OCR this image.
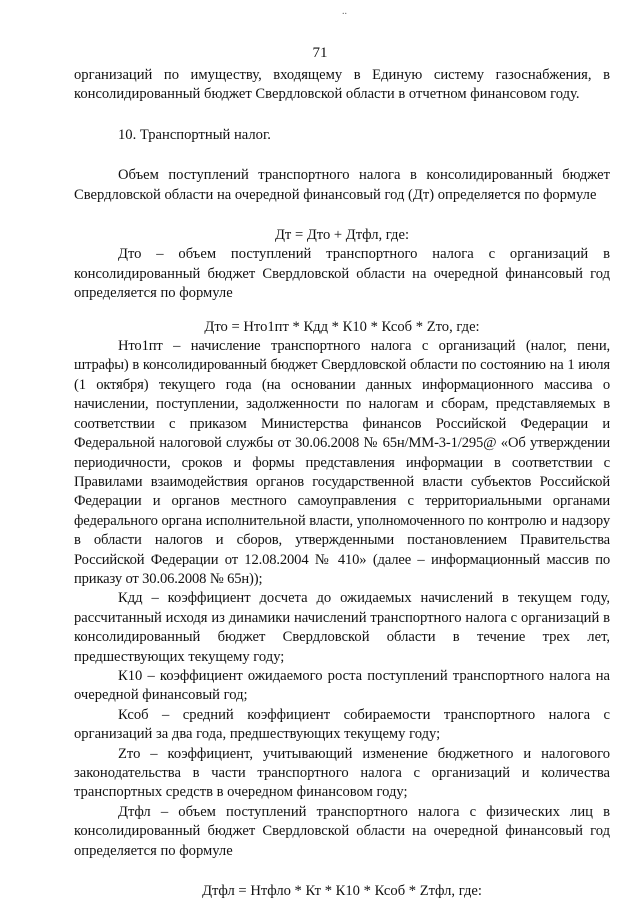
..
71

организаций по имуществу, входящему в Единую систему газоснабжения, в консолидированный бюджет Свердловской области в отчетном финансовом году.

10. Транспортный налог.

Объем поступлений транспортного налога в консолидированный бюджет Свердловской области на очередной финансовый год (Дт) определяется по формуле

Дт = Дто + Дтфл, где:

Дто – объем поступлений транспортного налога с организаций в консолидированный бюджет Свердловской области на очередной финансовый год определяется по формуле

Дто = Нто1пт * Кдд * К10 * Ксоб * Zто, где:

Нто1пт – начисление транспортного налога с организаций (налог, пени, штрафы) в консолидированный бюджет Свердловской области по состоянию на 1 июля (1 октября) текущего года (на основании данных информационного массива о начислении, поступлении, задолженности по налогам и сборам, представляемых в соответствии с приказом Министерства финансов Российской Федерации и Федеральной налоговой службы от 30.06.2008 № 65н/ММ-3-1/295@ «Об утверждении периодичности, сроков и формы представления информации в соответствии с Правилами взаимодействия органов государственной власти субъектов Российской Федерации и органов местного самоуправления с территориальными органами федерального органа исполнительной власти, уполномоченного по контролю и надзору в области налогов и сборов, утвержденными постановлением Правительства Российской Федерации от 12.08.2004 № 410» (далее – информационный массив по приказу от 30.06.2008 № 65н));

Кдд – коэффициент досчета до ожидаемых начислений в текущем году, рассчитанный исходя из динамики начислений транспортного налога с организаций в консолидированный бюджет Свердловской области в течение трех лет, предшествующих текущему году;

К10 – коэффициент ожидаемого роста поступлений транспортного налога на очередной финансовый год;

Ксоб – средний коэффициент собираемости транспортного налога с организаций за два года, предшествующих текущему году;

Zто – коэффициент, учитывающий изменение бюджетного и налогового законодательства в части транспортного налога с организаций и количества транспортных средств в очередном финансовом году;

Дтфл – объем поступлений транспортного налога с физических лиц в консолидированный бюджет Свердловской области на очередной финансовый год определяется по формуле

Дтфл = Нтфло * Кт * К10 * Ксоб * Zтфл, где:
